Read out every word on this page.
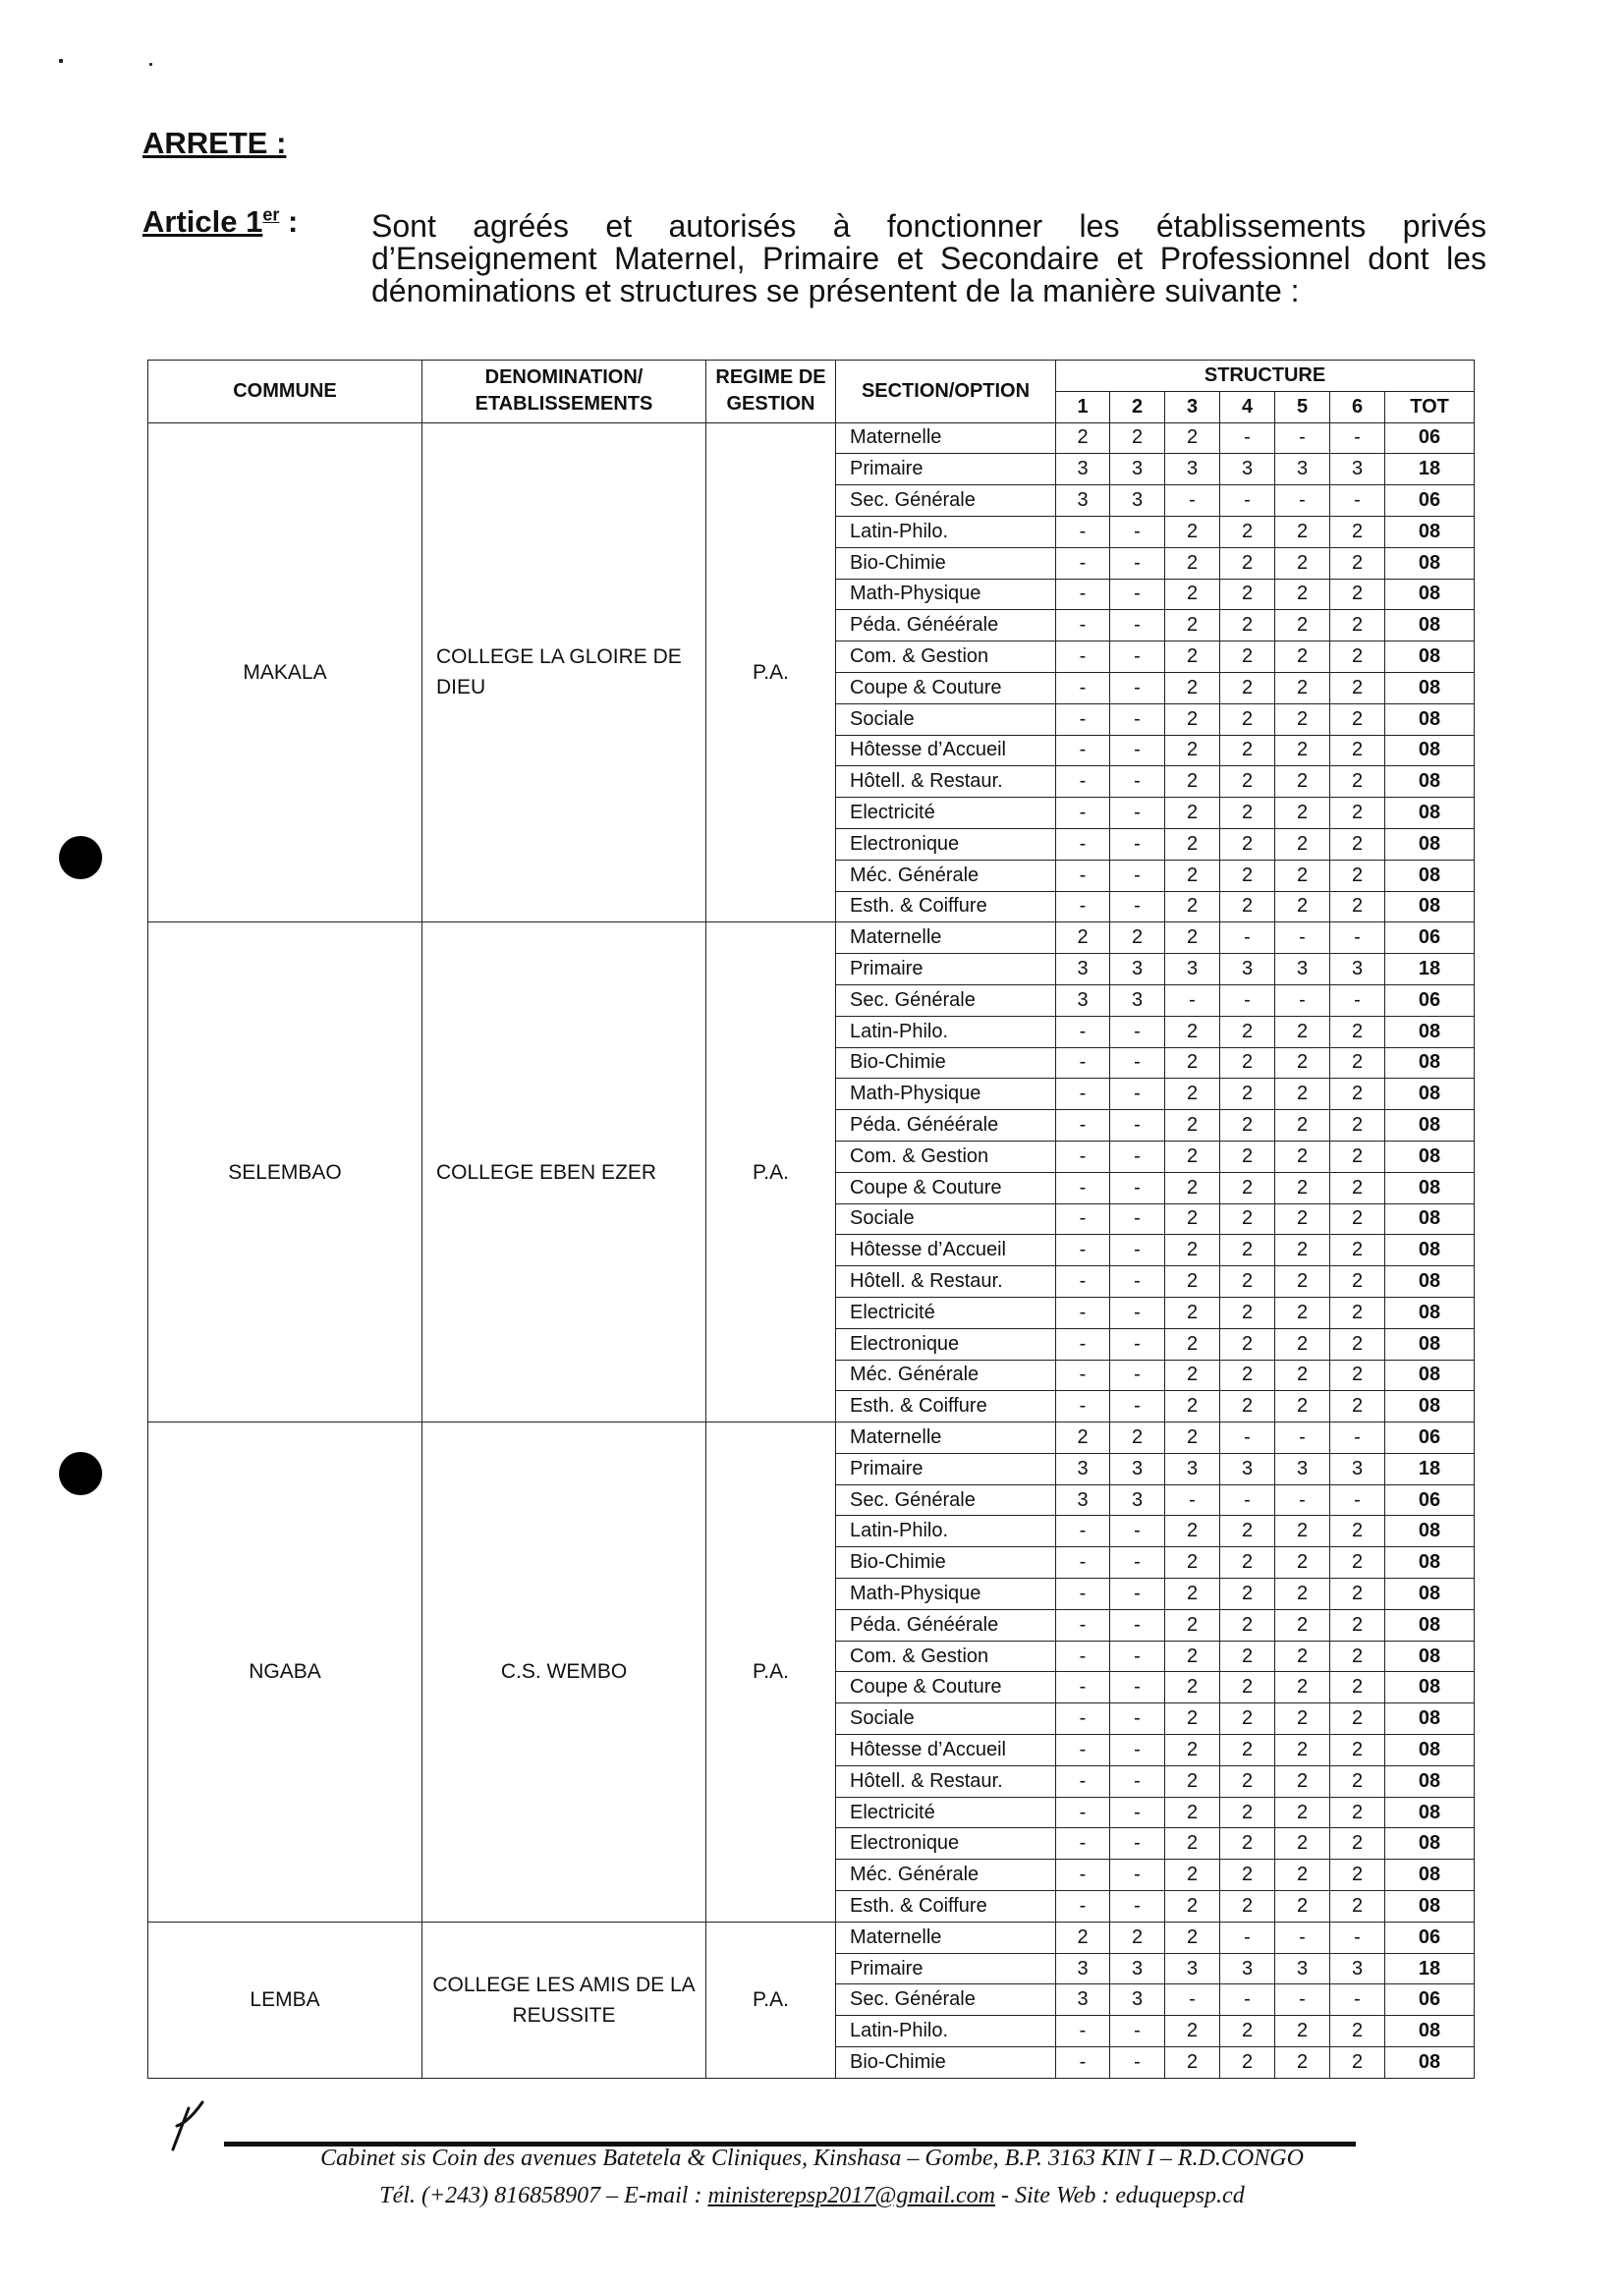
ARRETE :
Article 1er : Sont agréés et autorisés à fonctionner les établissements privés d’Enseignement Maternel, Primaire et Secondaire et Professionnel dont les dénominations et structures se présentent de la manière suivante :

COMMUNE	DENOMINATION/ ETABLISSEMENTS	REGIME DE GESTION	SECTION/OPTION	STRUCTURE						
				1	2	3	4	5	6	TOT
MAKALA	COLLEGE LA GLOIRE DE DIEU	P.A.	Maternelle	2	2	2	-	-	-	06
			Primaire	3	3	3	3	3	3	18
			Sec. Générale	3	3	-	-	-	-	06
			Latin-Philo.	-	-	2	2	2	2	08
			Bio-Chimie	-	-	2	2	2	2	08
			Math-Physique	-	-	2	2	2	2	08
			Péda. Généérale	-	-	2	2	2	2	08
			Com. & Gestion	-	-	2	2	2	2	08
			Coupe & Couture	-	-	2	2	2	2	08
			Sociale	-	-	2	2	2	2	08
			Hôtesse d’Accueil	-	-	2	2	2	2	08
			Hôtell. & Restaur.	-	-	2	2	2	2	08
			Electricité	-	-	2	2	2	2	08
			Electronique	-	-	2	2	2	2	08
			Méc. Générale	-	-	2	2	2	2	08
			Esth. & Coiffure	-	-	2	2	2	2	08
SELEMBAO	COLLEGE EBEN EZER	P.A.	Maternelle	2	2	2	-	-	-	06
			Primaire	3	3	3	3	3	3	18
			Sec. Générale	3	3	-	-	-	-	06
			Latin-Philo.	-	-	2	2	2	2	08
			Bio-Chimie	-	-	2	2	2	2	08
			Math-Physique	-	-	2	2	2	2	08
			Péda. Généérale	-	-	2	2	2	2	08
			Com. & Gestion	-	-	2	2	2	2	08
			Coupe & Couture	-	-	2	2	2	2	08
			Sociale	-	-	2	2	2	2	08
			Hôtesse d’Accueil	-	-	2	2	2	2	08
			Hôtell. & Restaur.	-	-	2	2	2	2	08
			Electricité	-	-	2	2	2	2	08
			Electronique	-	-	2	2	2	2	08
			Méc. Générale	-	-	2	2	2	2	08
			Esth. & Coiffure	-	-	2	2	2	2	08
NGABA	C.S. WEMBO	P.A.	Maternelle	2	2	2	-	-	-	06
			Primaire	3	3	3	3	3	3	18
			Sec. Générale	3	3	-	-	-	-	06
			Latin-Philo.	-	-	2	2	2	2	08
			Bio-Chimie	-	-	2	2	2	2	08
			Math-Physique	-	-	2	2	2	2	08
			Péda. Généérale	-	-	2	2	2	2	08
			Com. & Gestion	-	-	2	2	2	2	08
			Coupe & Couture	-	-	2	2	2	2	08
			Sociale	-	-	2	2	2	2	08
			Hôtesse d’Accueil	-	-	2	2	2	2	08
			Hôtell. & Restaur.	-	-	2	2	2	2	08
			Electricité	-	-	2	2	2	2	08
			Electronique	-	-	2	2	2	2	08
			Méc. Générale	-	-	2	2	2	2	08
			Esth. & Coiffure	-	-	2	2	2	2	08
LEMBA	COLLEGE LES AMIS DE LA REUSSITE	P.A.	Maternelle	2	2	2	-	-	-	06
			Primaire	3	3	3	3	3	3	18
			Sec. Générale	3	3	-	-	-	-	06
			Latin-Philo.	-	-	2	2	2	2	08
			Bio-Chimie	-	-	2	2	2	2	08
Cabinet sis Coin des avenues Batetela & Cliniques, Kinshasa – Gombe, B.P. 3163 KIN I – R.D.CONGO
Tél. (+243) 816858907 – E-mail : ministerepsp2017@gmail.com - Site Web : eduquepsp.cd
